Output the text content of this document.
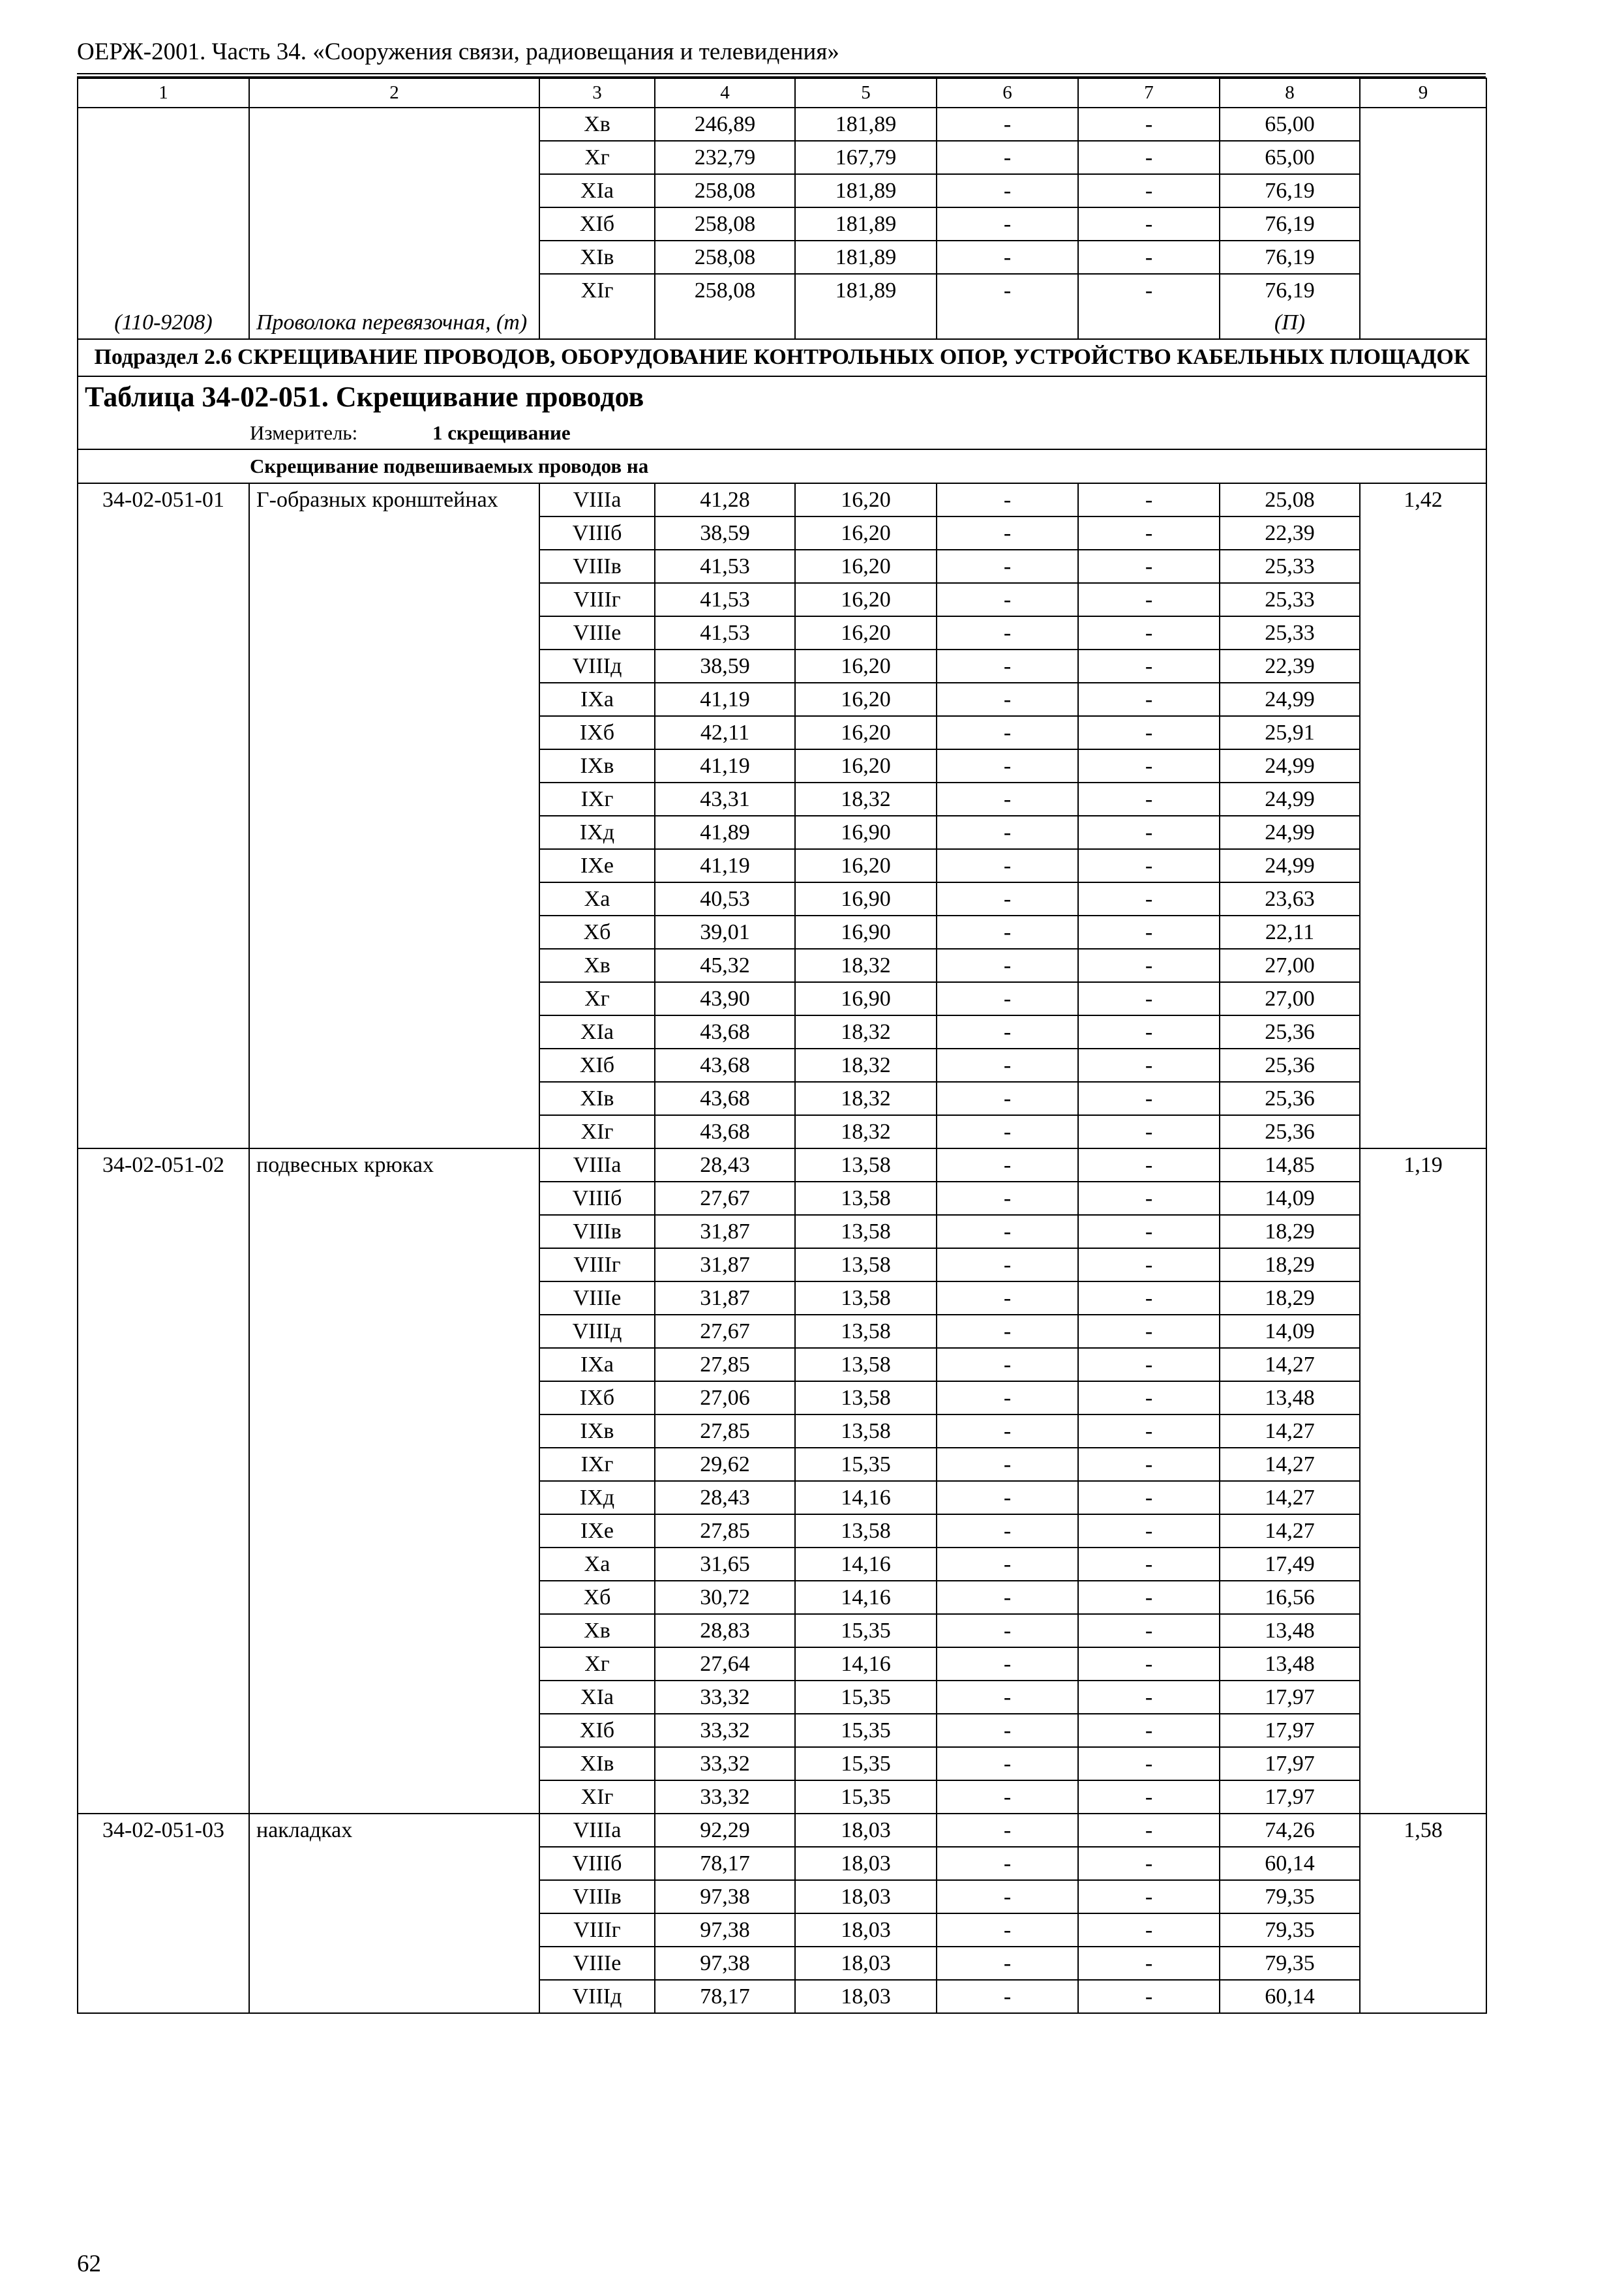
ОЕРЖ-2001. Часть 34. «Сооружения связи, радиовещания и телевидения»
1	2	3	4	5	6	7	8	9
		Хв	246,89	181,89	-	-	65,00	
		Хг	232,79	167,79	-	-	65,00	
		XIа	258,08	181,89	-	-	76,19	
		XIб	258,08	181,89	-	-	76,19	
		XIв	258,08	181,89	-	-	76,19	
		XIг	258,08	181,89	-	-	76,19	
(110-9208)	Проволока перевязочная, (т)						(П)	
Подраздел 2.6 СКРЕЩИВАНИЕ ПРОВОДОВ, ОБОРУДОВАНИЕ КОНТРОЛЬНЫХ ОПОР, УСТРОЙСТВО КАБЕЛЬНЫХ ПЛОЩАДОК								

Таблица 34-02-051. Скрещивание проводов
Измеритель: 1 скрещивание								

Скрещивание подвешиваемых проводов на								

34-02-051-01	Г-образных кронштейнах	VIIIа	41,28	16,20	-	-	25,08	1,42
		VIIIб	38,59	16,20	-	-	22,39	
		VIIIв	41,53	16,20	-	-	25,33	
		VIIIг	41,53	16,20	-	-	25,33	
		VIIIе	41,53	16,20	-	-	25,33	
		VIIIд	38,59	16,20	-	-	22,39	
		IXа	41,19	16,20	-	-	24,99	
		IXб	42,11	16,20	-	-	25,91	
		IXв	41,19	16,20	-	-	24,99	
		IXг	43,31	18,32	-	-	24,99	
		IXд	41,89	16,90	-	-	24,99	
		IXе	41,19	16,20	-	-	24,99	
		Ха	40,53	16,90	-	-	23,63	
		Хб	39,01	16,90	-	-	22,11	
		Хв	45,32	18,32	-	-	27,00	
		Хг	43,90	16,90	-	-	27,00	
		XIа	43,68	18,32	-	-	25,36	
		XIб	43,68	18,32	-	-	25,36	
		XIв	43,68	18,32	-	-	25,36	
		XIг	43,68	18,32	-	-	25,36	
34-02-051-02	подвесных крюках	VIIIа	28,43	13,58	-	-	14,85	1,19
		VIIIб	27,67	13,58	-	-	14,09	
		VIIIв	31,87	13,58	-	-	18,29	
		VIIIг	31,87	13,58	-	-	18,29	
		VIIIе	31,87	13,58	-	-	18,29	
		VIIIд	27,67	13,58	-	-	14,09	
		IXа	27,85	13,58	-	-	14,27	
		IXб	27,06	13,58	-	-	13,48	
		IXв	27,85	13,58	-	-	14,27	
		IXг	29,62	15,35	-	-	14,27	
		IXд	28,43	14,16	-	-	14,27	
		IXе	27,85	13,58	-	-	14,27	
		Ха	31,65	14,16	-	-	17,49	
		Хб	30,72	14,16	-	-	16,56	
		Хв	28,83	15,35	-	-	13,48	
		Хг	27,64	14,16	-	-	13,48	
		XIа	33,32	15,35	-	-	17,97	
		XIб	33,32	15,35	-	-	17,97	
		XIв	33,32	15,35	-	-	17,97	
		XIг	33,32	15,35	-	-	17,97	
34-02-051-03	накладках	VIIIа	92,29	18,03	-	-	74,26	1,58
		VIIIб	78,17	18,03	-	-	60,14	
		VIIIв	97,38	18,03	-	-	79,35	
		VIIIг	97,38	18,03	-	-	79,35	
		VIIIе	97,38	18,03	-	-	79,35	
		VIIIд	78,17	18,03	-	-	60,14	
62
